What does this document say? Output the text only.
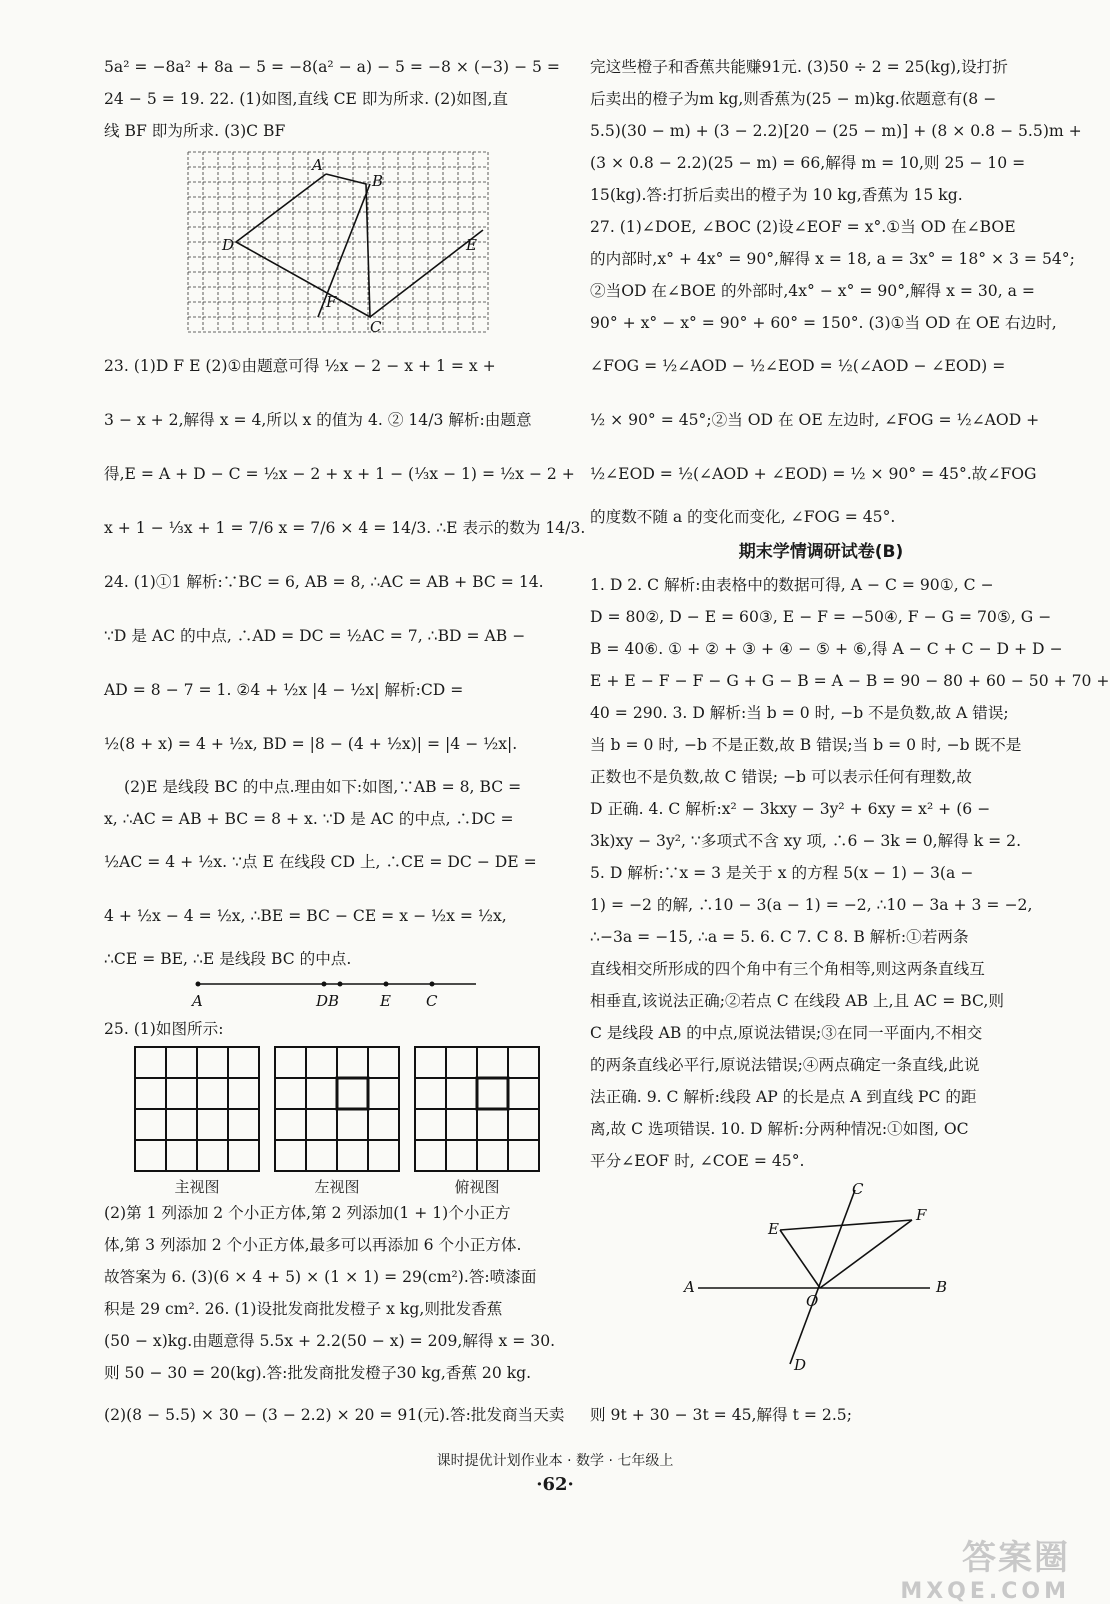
5a² = −8a² + 8a − 5 = −8(a² − a) − 5 = −8 × (−3) − 5 =
24 − 5 = 19. 22. (1)如图,直线 CE 即为所求. (2)如图,直
线 BF 即为所求. (3)C BF
A
B
D	E
F
C
23. (1)D F E (2)①由题意可得 ½x − 2 − x + 1 = x +
3 − x + 2,解得 x = 4,所以 x 的值为 4. ② 14/3 解析:由题意
得,E = A + D − C = ½x − 2 + x + 1 − (⅓x − 1) = ½x − 2 +
x + 1 − ⅓x + 1 = 7/6 x = 7/6 × 4 = 14/3. ∴E 表示的数为 14/3.
24. (1)①1 解析:∵BC = 6, AB = 8, ∴AC = AB + BC = 14.
∵D 是 AC 的中点, ∴AD = DC = ½AC = 7, ∴BD = AB −
AD = 8 − 7 = 1. ②4 + ½x |4 − ½x| 解析:CD =
½(8 + x) = 4 + ½x, BD = |8 − (4 + ½x)| = |4 − ½x|.
(2)E 是线段 BC 的中点.理由如下:如图,∵AB = 8, BC =
x, ∴AC = AB + BC = 8 + x. ∵D 是 AC 的中点, ∴DC =
½AC = 4 + ½x. ∵点 E 在线段 CD 上, ∴CE = DC − DE =
4 + ½x − 4 = ½x, ∴BE = BC − CE = x − ½x = ½x,
∴CE = BE, ∴E 是线段 BC 的中点.
A	DB	E C
25. (1)如图所示:
主视图	左视图	俯视图
(2)第 1 列添加 2 个小正方体,第 2 列添加(1 + 1)个小正方
体,第 3 列添加 2 个小正方体,最多可以再添加 6 个小正方体.
故答案为 6. (3)(6 × 4 + 5) × (1 × 1) = 29(cm²).答:喷漆面
积是 29 cm². 26. (1)设批发商批发橙子 x kg,则批发香蕉
(50 − x)kg.由题意得 5.5x + 2.2(50 − x) = 209,解得 x = 30.
则 50 − 30 = 20(kg).答:批发商批发橙子30 kg,香蕉 20 kg.
完这些橙子和香蕉共能赚91元. (3)50 ÷ 2 = 25(kg),设打折
后卖出的橙子为m kg,则香蕉为(25 − m)kg.依题意有(8 −
5.5)(30 − m) + (3 − 2.2)[20 − (25 − m)] + (8 × 0.8 − 5.5)m +
(3 × 0.8 − 2.2)(25 − m) = 66,解得 m = 10,则 25 − 10 =
15(kg).答:打折后卖出的橙子为 10 kg,香蕉为 15 kg.
27. (1)∠DOE, ∠BOC (2)设∠EOF = x°.①当 OD 在∠BOE
的内部时,x° + 4x° = 90°,解得 x = 18, a = 3x° = 18° × 3 = 54°;
②当OD 在∠BOE 的外部时,4x° − x° = 90°,解得 x = 30, a =
90° + x° − x° = 90° + 60° = 150°. (3)①当 OD 在 OE 右边时,
∠FOG = ½∠AOD − ½∠EOD = ½(∠AOD − ∠EOD) =
½ × 90° = 45°;②当 OD 在 OE 左边时, ∠FOG = ½∠AOD +
½∠EOD = ½(∠AOD + ∠EOD) = ½ × 90° = 45°.故∠FOG
的度数不随 a 的变化而变化, ∠FOG = 45°.
期末学情调研试卷(B)
1. D 2. C 解析:由表格中的数据可得, A − C = 90①, C −
D = 80②, D − E = 60③, E − F = −50④, F − G = 70⑤, G −
B = 40⑥. ① + ② + ③ + ④ − ⑤ + ⑥,得 A − C + C − D + D −
E + E − F − F − G + G − B = A − B = 90 − 80 + 60 − 50 + 70 +
40 = 290. 3. D 解析:当 b = 0 时, −b 不是负数,故 A 错误;
当 b = 0 时, −b 不是正数,故 B 错误;当 b = 0 时, −b 既不是
正数也不是负数,故 C 错误; −b 可以表示任何有理数,故
D 正确. 4. C 解析:x² − 3kxy − 3y² + 6xy = x² + (6 −
3k)xy − 3y², ∵多项式不含 xy 项, ∴6 − 3k = 0,解得 k = 2.
5. D 解析:∵x = 3 是关于 x 的方程 5(x − 1) − 3(a −
1) = −2 的解, ∴10 − 3(a − 1) = −2, ∴10 − 3a + 3 = −2,
∴−3a = −15, ∴a = 5. 6. C 7. C 8. B 解析:①若两条
直线相交所形成的四个角中有三个角相等,则这两条直线互
相垂直,该说法正确;②若点 C 在线段 AB 上,且 AC = BC,则
C 是线段 AB 的中点,原说法错误;③在同一平面内,不相交
的两条直线必平行,原说法错误;④两点确定一条直线,此说
法正确. 9. C 解析:线段 AP 的长是点 A 到直线 PC 的距
离,故 C 选项错误. 10. D 解析:分两种情况:①如图, OC
平分∠EOF 时, ∠COE = 45°.
C
F
E
A
O
B
D
(2)(8 − 5.5) × 30 − (3 − 2.2) × 20 = 91(元).答:批发商当天卖 则 9t + 30 − 3t = 45,解得 t = 2.5;
课时提优计划作业本 · 数学 · 七年级上
·62·
答案圈
MXQE.COM
